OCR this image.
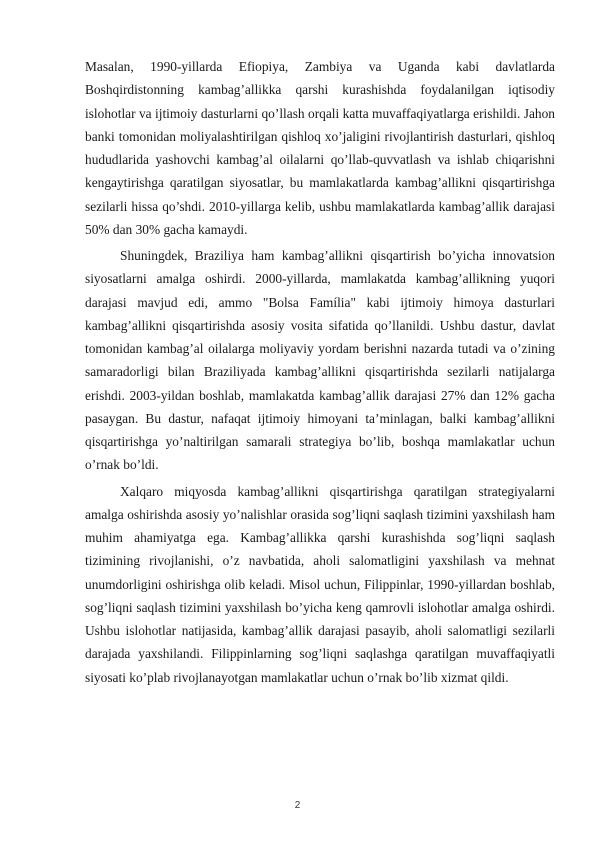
Masalan, 1990-yillarda Efiopiya, Zambiya va Uganda kabi davlatlarda Boshqirdistonning kambag’allikka qarshi kurashishda foydalanilgan iqtisodiy islohotlar va ijtimoiy dasturlarni qo’llash orqali katta muvaffaqiyatlarga erishildi. Jahon banki tomonidan moliyalashtirilgan qishloq xo’jaligini rivojlantirish dasturlari, qishloq hududlarida yashovchi kambag’al oilalarni qo’llab-quvvatlash va ishlab chiqarishni kengaytirishga qaratilgan siyosatlar, bu mamlakatlarda kambag’allikni qisqartirishga sezilarli hissa qo’shdi. 2010-yillarga kelib, ushbu mamlakatlarda kambag’allik darajasi 50% dan 30% gacha kamaydi.

Shuningdek, Braziliya ham kambag’allikni qisqartirish bo’yicha innovatsion siyosatlarni amalga oshirdi. 2000-yillarda, mamlakatda kambag’allikning yuqori darajasi mavjud edi, ammo "Bolsa Família" kabi ijtimoiy himoya dasturlari kambag’allikni qisqartirishda asosiy vosita sifatida qo’llanildi. Ushbu dastur, davlat tomonidan kambag’al oilalarga moliyaviy yordam berishni nazarda tutadi va o’zining samaradorligi bilan Braziliyada kambag’allikni qisqartirishda sezilarli natijalarga erishdi. 2003-yildan boshlab, mamlakatda kambag’allik darajasi 27% dan 12% gacha pasaygan. Bu dastur, nafaqat ijtimoiy himoyani ta’minlagan, balki kambag’allikni qisqartirishga yo’naltirilgan samarali strategiya bo’lib, boshqa mamlakatlar uchun o’rnak bo’ldi.

Xalqaro miqyosda kambag’allikni qisqartirishga qaratilgan strategiyalarni amalga oshirishda asosiy yo’nalishlar orasida sog’liqni saqlash tizimini yaxshilash ham muhim ahamiyatga ega. Kambag’allikka qarshi kurashishda sog’liqni saqlash tizimining rivojlanishi, o’z navbatida, aholi salomatligini yaxshilash va mehnat unumdorligini oshirishga olib keladi. Misol uchun, Filippinlar, 1990-yillardan boshlab, sog’liqni saqlash tizimini yaxshilash bo’yicha keng qamrovli islohotlar amalga oshirdi. Ushbu islohotlar natijasida, kambag’allik darajasi pasayib, aholi salomatligi sezilarli darajada yaxshilandi. Filippinlarning sog’liqni saqlashga qaratilgan muvaffaqiyatli siyosati ko’plab rivojlanayotgan mamlakatlar uchun o’rnak bo’lib xizmat qildi.

2
